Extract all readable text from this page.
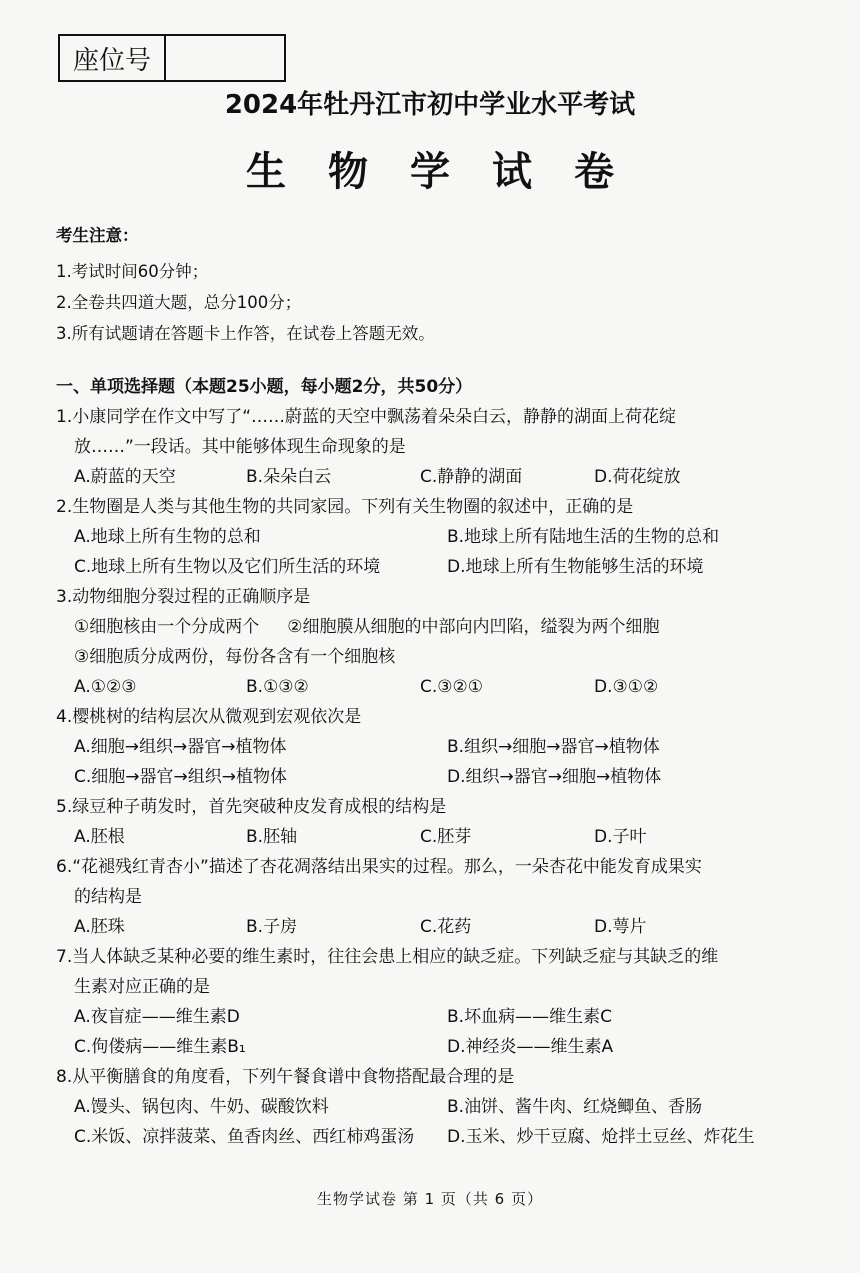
座位号
2024年牡丹江市初中学业水平考试
生物学试卷
考生注意：
1.考试时间60分钟；
2.全卷共四道大题，总分100分；
3.所有试题请在答题卡上作答，在试卷上答题无效。
一、单项选择题（本题25小题，每小题2分，共50分）
1.小康同学在作文中写了“……蔚蓝的天空中飘荡着朵朵白云，静静的湖面上荷花绽
放……”一段话。其中能够体现生命现象的是
A.蔚蓝的天空	B.朵朵白云	C.静静的湖面	D.荷花绽放
2.生物圈是人类与其他生物的共同家园。下列有关生物圈的叙述中，正确的是
A.地球上所有生物的总和	B.地球上所有陆地生活的生物的总和
C.地球上所有生物以及它们所生活的环境	D.地球上所有生物能够生活的环境
3.动物细胞分裂过程的正确顺序是
①细胞核由一个分成两个 ②细胞膜从细胞的中部向内凹陷，缢裂为两个细胞
③细胞质分成两份，每份各含有一个细胞核
A.①②③	B.①③②	C.③②①	D.③①②
4.樱桃树的结构层次从微观到宏观依次是
A.细胞→组织→器官→植物体	B.组织→细胞→器官→植物体
C.细胞→器官→组织→植物体	D.组织→器官→细胞→植物体
5.绿豆种子萌发时，首先突破种皮发育成根的结构是
A.胚根	B.胚轴	C.胚芽	D.子叶
6.“花褪残红青杏小”描述了杏花凋落结出果实的过程。那么，一朵杏花中能发育成果实
的结构是
A.胚珠	B.子房	C.花药	D.萼片
7.当人体缺乏某种必要的维生素时，往往会患上相应的缺乏症。下列缺乏症与其缺乏的维
生素对应正确的是
A.夜盲症——维生素D	B.坏血病——维生素C
C.佝偻病——维生素B₁	D.神经炎——维生素A
8.从平衡膳食的角度看，下列午餐食谱中食物搭配最合理的是
A.馒头、锅包肉、牛奶、碳酸饮料	B.油饼、酱牛肉、红烧鲫鱼、香肠
C.米饭、凉拌菠菜、鱼香肉丝、西红柿鸡蛋汤	D.玉米、炒干豆腐、炝拌土豆丝、炸花生
生物学试卷 第 1 页（共 6 页）
